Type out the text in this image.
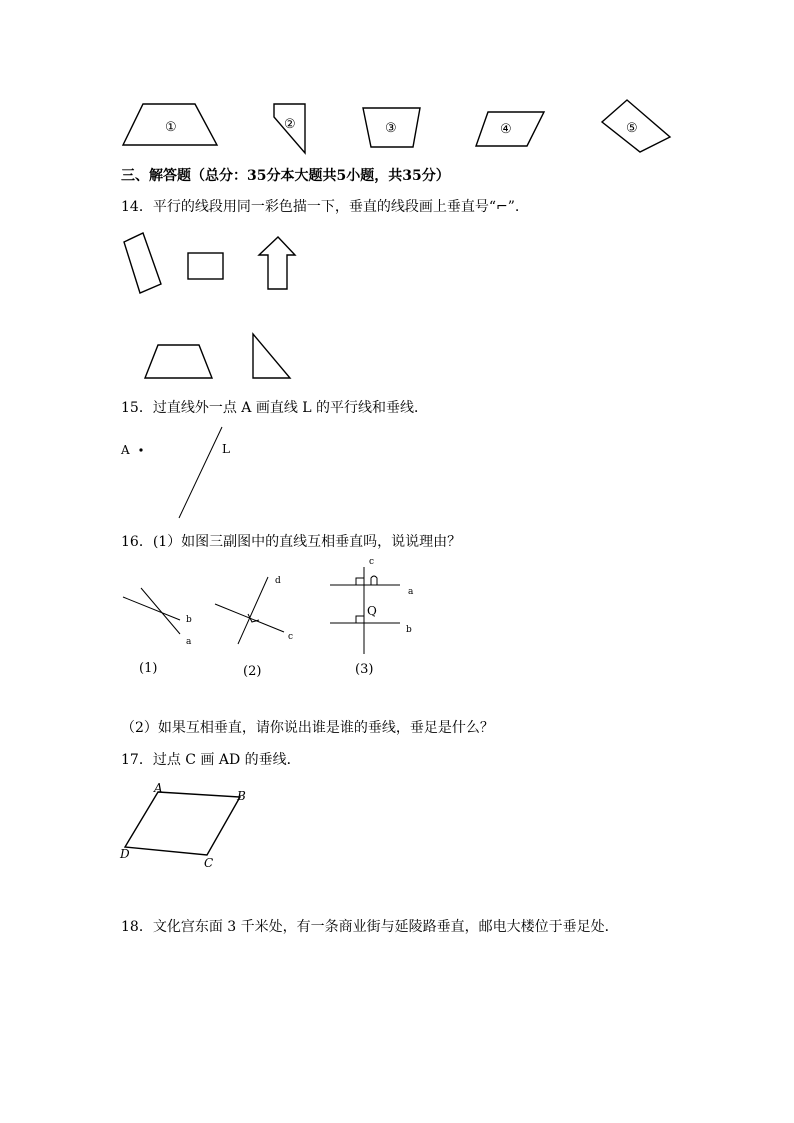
①	②	③	④	⑤
三、解答题（总分：35分本大题共5小题，共35分）
14．平行的线段用同一彩色描一下，垂直的线段画上垂直号“⌐”.
15．过直线外一点 A 画直线 L 的平行线和垂线．
A	L
16．(1）如图三副图中的直线互相垂直吗，说说理由？
b
a
(1)
d
c
(2)
c
a
b
Q
(3)
（2）如果互相垂直，请你说出谁是谁的垂线，垂足是什么？
17．过点 C 画 AD 的垂线．
A
B
C
D
18．文化宫东面 3 千米处，有一条商业街与延陵路垂直，邮电大楼位于垂足处．
